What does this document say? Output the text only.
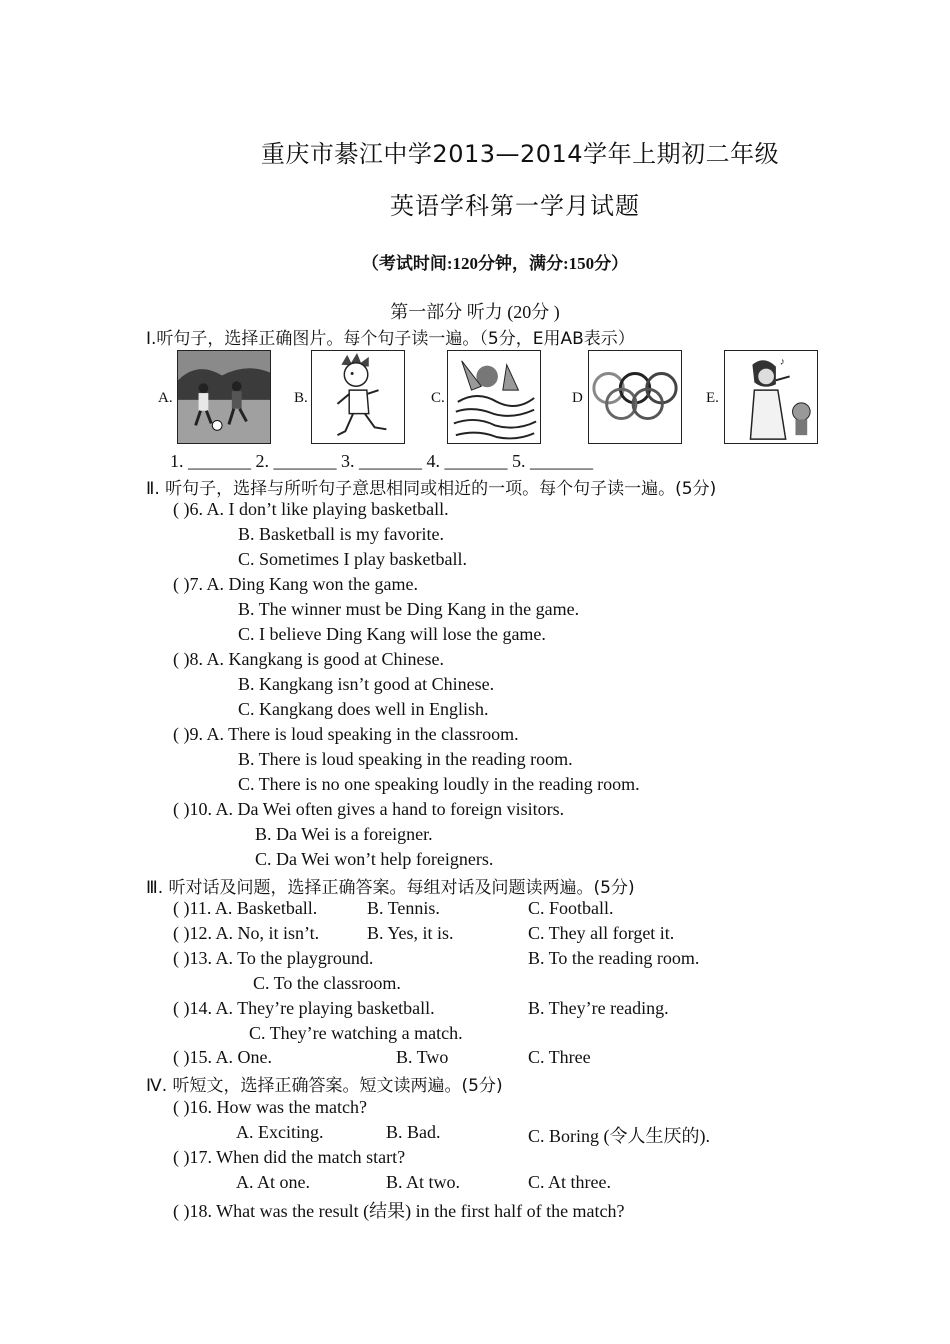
重庆市綦江中学2013—2014学年上期初二年级
英语学科第一学月试题
（考试时间:120分钟，满分:150分）
第一部分 听力 (20分 )
Ⅰ.听句子，选择正确图片。每个句子读一遍。（5分，E用AB表示）
A.	B.	C.	D	E.
♪
1. _______ 2. _______ 3. _______ 4. _______ 5. _______
Ⅱ. 听句子，选择与所听句子意思相同或相近的一项。每个句子读一遍。(5分)
( )6. A. I don’t like playing basketball.
B. Basketball is my favorite.
C. Sometimes I play basketball.
( )7. A. Ding Kang won the game.
B. The winner must be Ding Kang in the game.
C. I believe Ding Kang will lose the game.
( )8. A. Kangkang is good at Chinese.
B. Kangkang isn’t good at Chinese.
C. Kangkang does well in English.
( )9. A. There is loud speaking in the classroom.
B. There is loud speaking in the reading room.
C. There is no one speaking loudly in the reading room.
( )10. A. Da Wei often gives a hand to foreign visitors.
B. Da Wei is a foreigner.
C. Da Wei won’t help foreigners.
Ⅲ. 听对话及问题，选择正确答案。每组对话及问题读两遍。(5分)
( )11. A. Basketball.	B. Tennis.	C. Football.
( )12. A. No, it isn’t.	B. Yes, it is.	C. They all forget it.
( )13. A. To the playground.	B. To the reading room.
C. To the classroom.
( )14. A. They’re playing basketball.	B. They’re reading.
C. They’re watching a match.
( )15. A. One.	B. Two	C. Three
Ⅳ. 听短文，选择正确答案。短文读两遍。(5分)
( )16. How was the match?
A. Exciting.	B. Bad.	C. Boring (令人生厌的).
( )17. When did the match start?
A. At one.	B. At two.	C. At three.
( )18. What was the result (结果) in the first half of the match?
